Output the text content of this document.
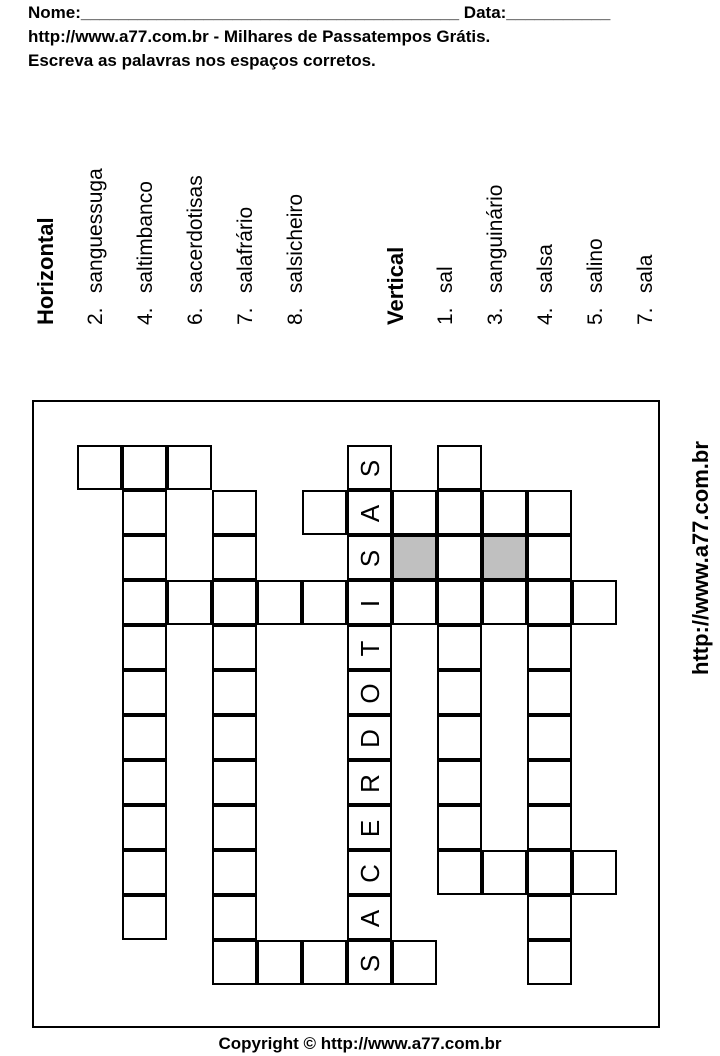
Nome:________________________________________ Data:___________

http://www.a77.com.br - Milhares de Passatempos Grátis.

Escreva as palavras nos espaços corretos.

Horizontal 2. sanguessuga
4. saltimbanco
6. sacerdotisas
7. salafrário
8. salsicheiro	Vertical 1. sal
3. sanguinário
4. salsa
5. salino
7. sala
S
A
S
I
T
O
D
R
E
C
A
S
http://www.a77.com.br
Copyright © http://www.a77.com.br
